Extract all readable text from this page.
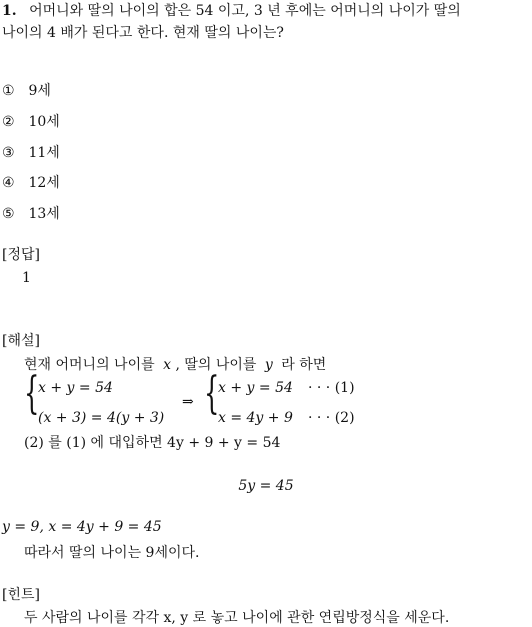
1. 어머니와 딸의 나이의 합은 54 이고, 3 년 후에는 어머니의 나이가 딸의
나이의 4 배가 된다고 한다. 현재 딸의 나이는?
① 9세
② 10세
③ 11세
④ 12세
⑤ 13세
[정답]
1
[해설]
현재 어머니의 나이를 x , 딸의 나이를 y 라 하면
{
x + y = 54
(x + 3) = 4(y + 3)
⇒ {
x + y = 54 · · · (1)
x = 4y + 9 · · · (2)
(2) 를 (1) 에 대입하면 4y + 9 + y = 54
5y = 45
y = 9, x = 4y + 9 = 45
따라서 딸의 나이는 9세이다.
[힌트]
두 사람의 나이를 각각 x, y 로 놓고 나이에 관한 연립방정식을 세운다.
